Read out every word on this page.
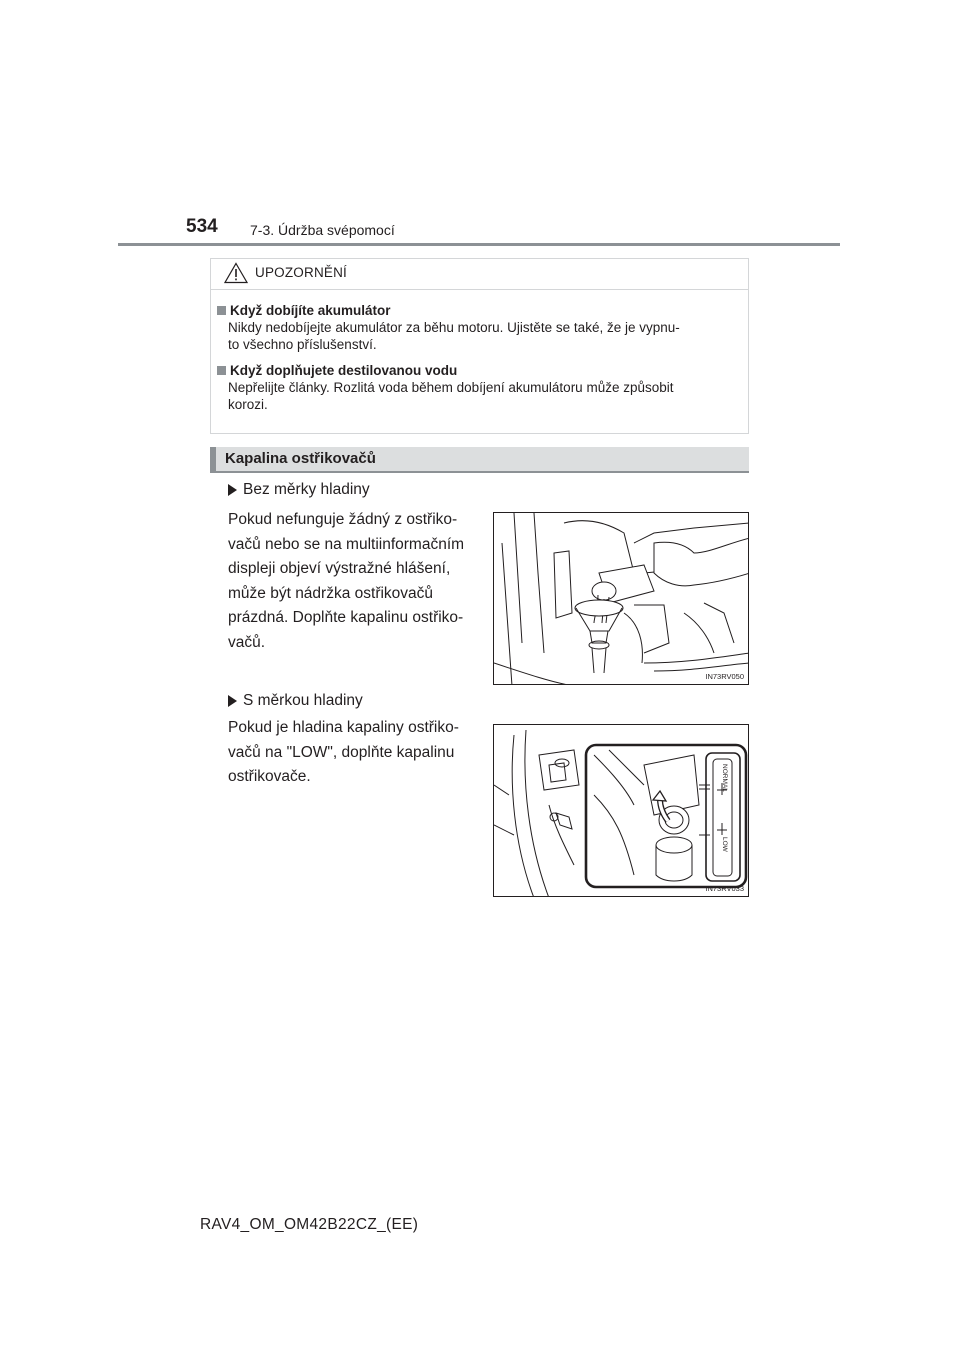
534 7-3. Údržba svépomocí
UPOZORNĚNÍ
Když dobíjíte akumulátor
Nikdy nedobíjejte akumulátor za běhu motoru. Ujistěte se také, že je vypnu-
to všechno příslušenství.
Když doplňujete destilovanou vodu
Nepřelijte články. Rozlitá voda během dobíjení akumulátoru může způsobit
korozi.
Kapalina ostřikovačů
Bez měrky hladiny
Pokud nefunguje žádný z ostřiko-
vačů nebo se na multiinformačním
displeji objeví výstražné hlášení,
může být nádržka ostřikovačů
prázdná. Doplňte kapalinu ostřiko-
vačů.
IN73RV050
S měrkou hladiny
Pokud je hladina kapaliny ostřiko-
vačů na "LOW", doplňte kapalinu
ostřikovače.	NORMAL
LOW
IN73RV033
RAV4_OM_OM42B22CZ_(EE)
